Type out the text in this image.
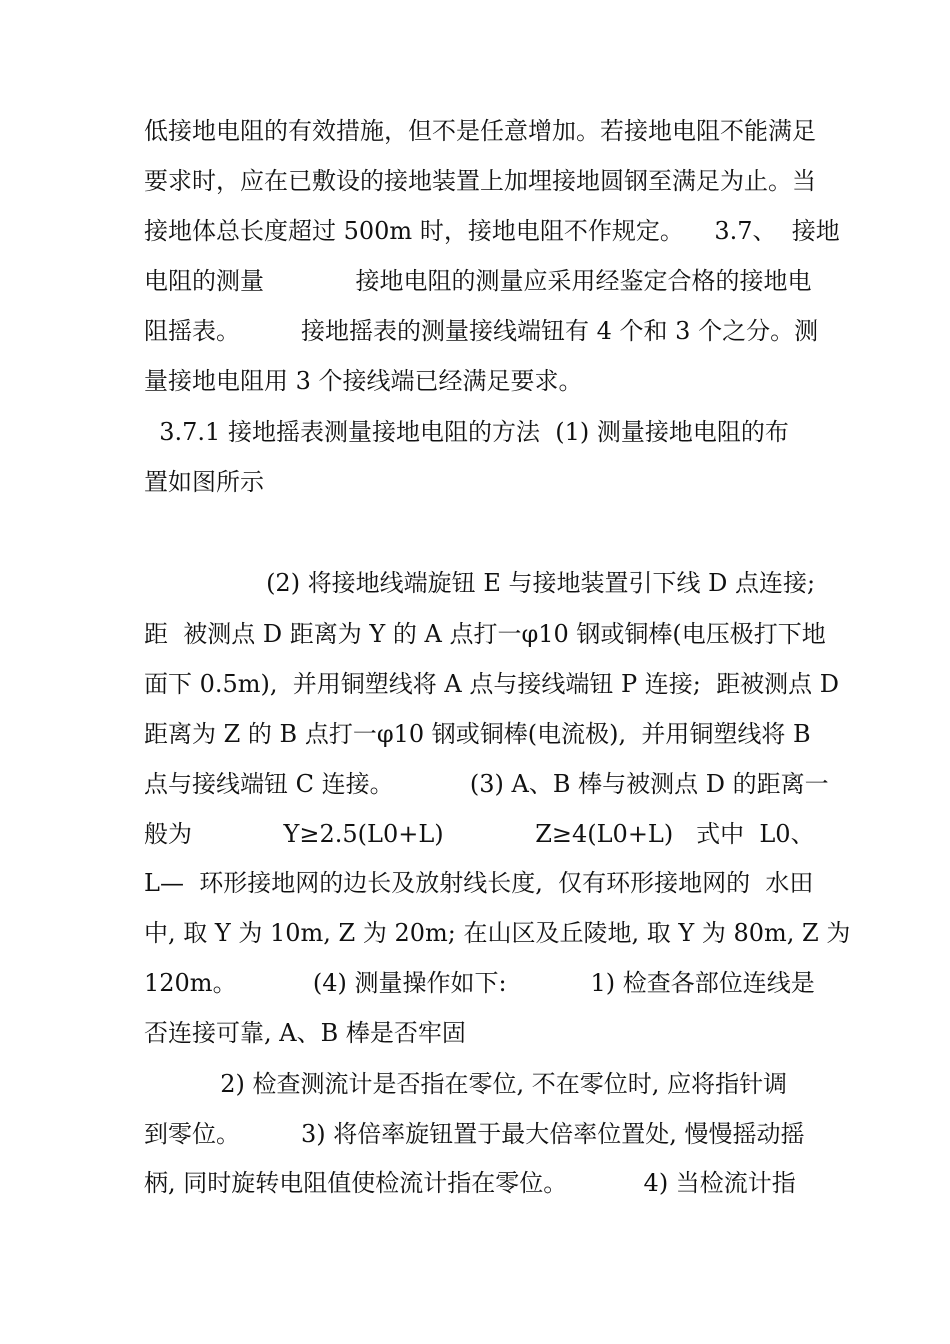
低接地电阻的有效措施，但不是任意增加。若接地电阻不能满足
要求时，应在已敷设的接地装置上加埋接地圆钢至满足为止。当
接地体总长度超过 500m 时，接地电阻不作规定。    3.7、  接地
电阻的测量            接地电阻的测量应采用经鉴定合格的接地电
阻摇表。        接地摇表的测量接线端钮有 4 个和 3 个之分。测
量接地电阻用 3 个接线端已经满足要求。
3.7.1 接地摇表测量接地电阻的方法  (1) 测量接地电阻的布
置如图所示
(2) 将接地线端旋钮 E 与接地装置引下线 D 点连接;
距  被测点 D 距离为 Y 的 A 点打一φ10 钢或铜棒(电压极打下地
面下 0.5m),  并用铜塑线将 A 点与接线端钮 P 连接;  距被测点 D
距离为 Z 的 B 点打一φ10 钢或铜棒(电流极),  并用铜塑线将 B
点与接线端钮 C 连接。          (3) A、B 棒与被测点 D 的距离一
般为            Y≥2.5(L0+L)            Z≥4(L0+L)   式中  L0、
L—  环形接地网的边长及放射线长度,  仅有环形接地网的  水田
中, 取 Y 为 10m, Z 为 20m; 在山区及丘陵地, 取 Y 为 80m, Z 为
120m。          (4) 测量操作如下:           1) 检查各部位连线是
否连接可靠, A、B 棒是否牢固
2) 检查测流计是否指在零位, 不在零位时, 应将指针调
到零位。        3) 将倍率旋钮置于最大倍率位置处, 慢慢摇动摇
柄, 同时旋转电阻值使检流计指在零位。          4) 当检流计指
